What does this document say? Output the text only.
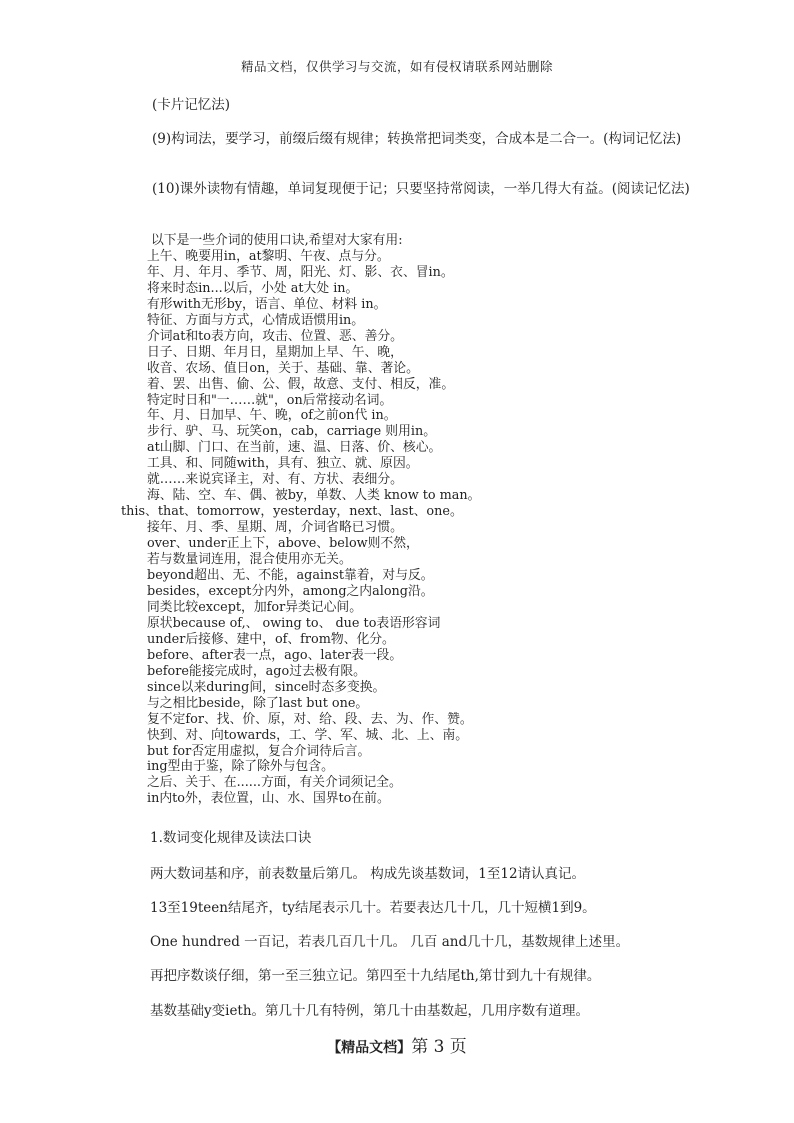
精品文档，仅供学习与交流，如有侵权请联系网站删除
(卡片记忆法)
(9)构词法，要学习，前缀后缀有规律；转换常把词类变，合成本是二合一。(构词记忆法)
(10)课外读物有情趣，单词复现便于记；只要坚持常阅读，一举几得大有益。(阅读记忆法)
以下是一些介词的使用口诀,希望对大家有用:
上午、晚要用in，at黎明、午夜、点与分。
年、月、年月、季节、周，阳光、灯、影、衣、冒in。
将来时态in...以后，小处 at大处 in。
有形with无形by，语言、单位、材料 in。
特征、方面与方式，心情成语惯用in。
介词at和to表方向，攻击、位置、恶、善分。
日子、日期、年月日，星期加上早、午、晚，
收音、农场、值日on，关于、基础、靠、著论。
着、罢、出售、偷、公、假，故意、支付、相反，准。
特定时日和"一……就"，on后常接动名词。
年、月、日加早、午、晚，of之前on代 in。
步行、驴、马、玩笑on，cab，carriage 则用in。
at山脚、门口、在当前，速、温、日落、价、核心。
工具、和、同随with，具有、独立、就、原因。
就……来说宾译主，对、有、方状、表细分。
海、陆、空、车、偶、被by，单数、人类 know to man。
this、that、tomorrow，yesterday，next、last、one。
接年、月、季、星期、周，介词省略已习惯。
over、under正上下，above、below则不然，
若与数量词连用，混合使用亦无关。
beyond超出、无、不能，against靠着，对与反。
besides，except分内外，among之内along沿。
同类比较except，加for异类记心间。
原状because of,、 owing to、 due to表语形容词
under后接修、建中，of、from物、化分。
before、after表一点，ago、later表一段。
before能接完成时，ago过去极有限。
since以来during间，since时态多变换。
与之相比beside，除了last but one。
复不定for、找、价、原，对、给、段、去、为、作、赞。
快到、对、向towards，工、学、军、城、北、上、南。
but for否定用虚拟，复合介词待后言。
ing型由于鉴，除了除外与包含。
之后、关于、在......方面，有关介词须记全。
in内to外，表位置，山、水、国界to在前。
1.数词变化规律及读法口诀
两大数词基和序，前表数量后第几。 构成先谈基数词，1至12请认真记。
13至19teen结尾齐，ty结尾表示几十。若要表达几十几，几十短横1到9。
One hundred 一百记，若表几百几十几。 几百 and几十几，基数规律上述里。
再把序数谈仔细，第一至三独立记。第四至十九结尾th,第廿到九十有规律。
基数基础y变ieth。第几十几有特例，第几十由基数起，几用序数有道理。
【精品文档】第 3 页
